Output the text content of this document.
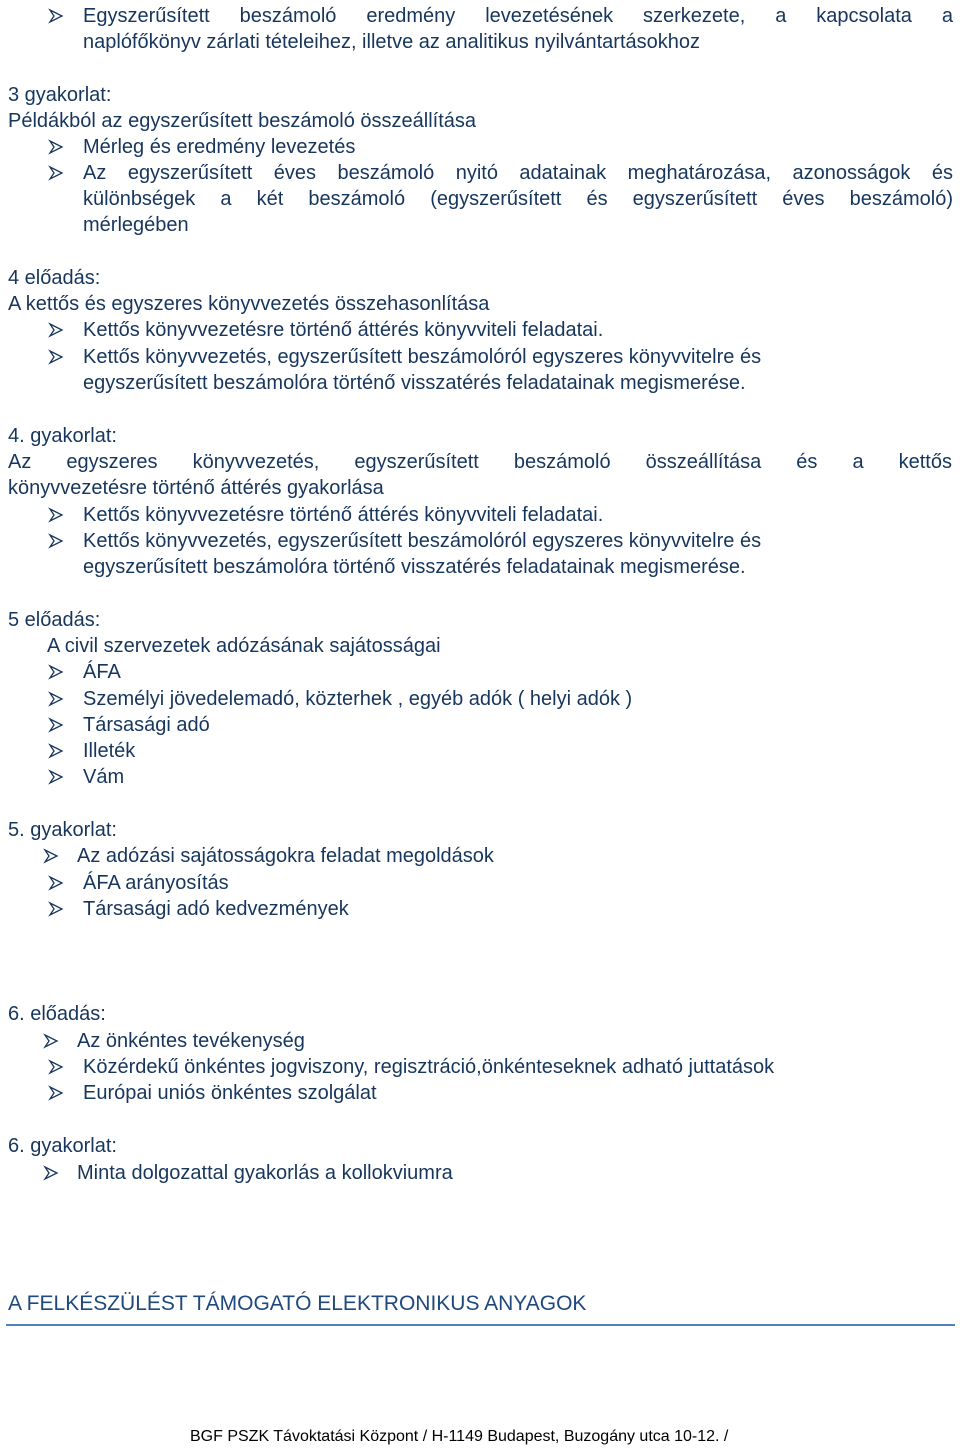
Egyszerűsített beszámoló eredmény levezetésének szerkezete, a kapcsolata a
naplófőkönyv zárlati tételeihez, illetve az analitikus nyilvántartásokhoz
3 gyakorlat:
Példákból az egyszerűsített beszámoló összeállítása
Mérleg és eredmény levezetés
Az egyszerűsített éves beszámoló nyitó adatainak meghatározása, azonosságok és
különbségek a két beszámoló (egyszerűsített és egyszerűsített éves beszámoló)
mérlegében
4 előadás:
A kettős és egyszeres könyvvezetés összehasonlítása
Kettős könyvvezetésre történő áttérés könyvviteli feladatai.
Kettős könyvvezetés, egyszerűsített beszámolóról egyszeres könyvvitelre és
egyszerűsített beszámolóra történő visszatérés feladatainak megismerése.
4. gyakorlat:
Az egyszeres könyvvezetés, egyszerűsített beszámoló összeállítása és a kettős
könyvvezetésre történő áttérés gyakorlása
Kettős könyvvezetésre történő áttérés könyvviteli feladatai.
Kettős könyvvezetés, egyszerűsített beszámolóról egyszeres könyvvitelre és
egyszerűsített beszámolóra történő visszatérés feladatainak megismerése.
5 előadás:
A civil szervezetek adózásának sajátosságai
ÁFA
Személyi jövedelemadó, közterhek , egyéb adók ( helyi adók )
Társasági adó
Illeték
Vám
5. gyakorlat:
Az adózási sajátosságokra feladat megoldások
ÁFA arányosítás
Társasági adó kedvezmények
6. előadás:
Az önkéntes tevékenység
Közérdekű önkéntes jogviszony, regisztráció,önkénteseknek adható juttatások
Európai uniós önkéntes szolgálat
6. gyakorlat:
Minta dolgozattal gyakorlás a kollokviumra
A FELKÉSZÜLÉST TÁMOGATÓ ELEKTRONIKUS ANYAGOK
BGF PSZK Távoktatási Központ / H-1149 Budapest, Buzogány utca 10-12. /
